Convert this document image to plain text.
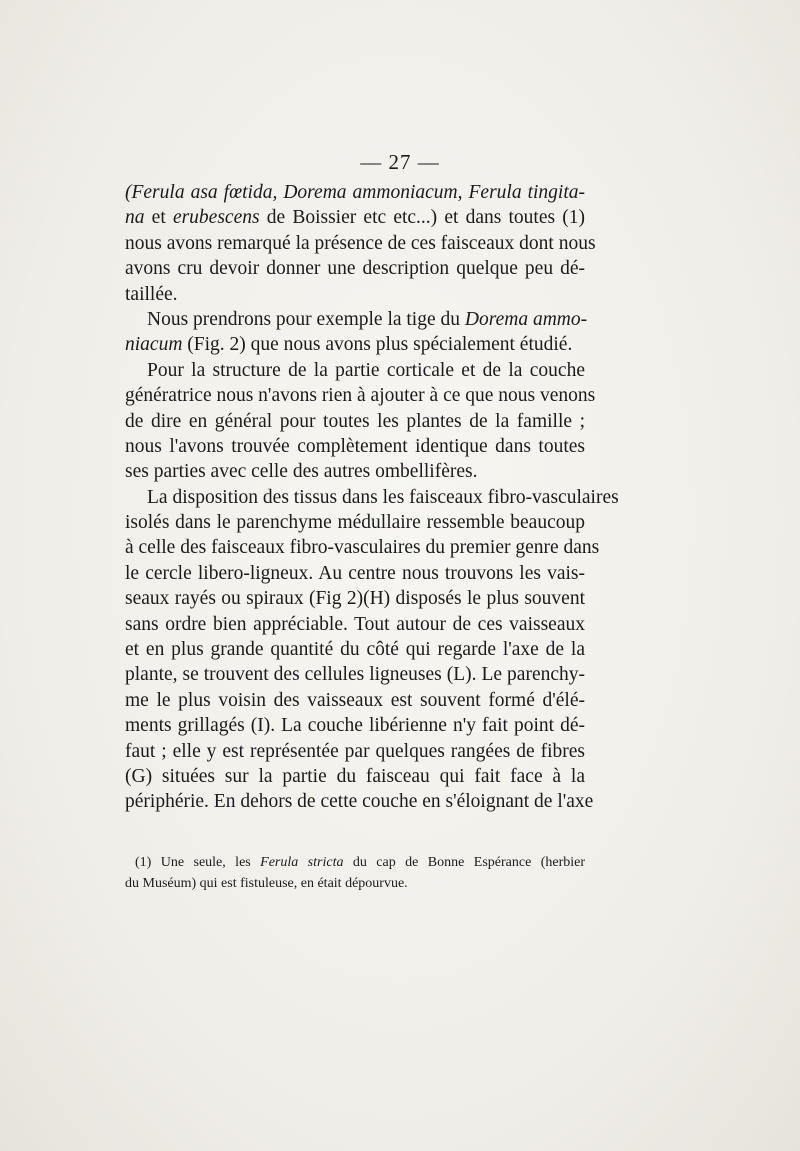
— 27 —
(Ferula asa fœtida, Dorema ammoniacum, Ferula tingita-
na et erubescens de Boissier etc etc...) et dans toutes (1)
nous avons remarqué la présence de ces faisceaux dont nous
avons cru devoir donner une description quelque peu dé-
taillée.
Nous prendrons pour exemple la tige du Dorema ammo-
niacum (Fig. 2) que nous avons plus spécialement étudié.
Pour la structure de la partie corticale et de la couche
génératrice nous n'avons rien à ajouter à ce que nous venons
de dire en général pour toutes les plantes de la famille ;
nous l'avons trouvée complètement identique dans toutes
ses parties avec celle des autres ombellifères.
La disposition des tissus dans les faisceaux fibro-vasculaires
isolés dans le parenchyme médullaire ressemble beaucoup
à celle des faisceaux fibro-vasculaires du premier genre dans
le cercle libero-ligneux. Au centre nous trouvons les vais-
seaux rayés ou spiraux (Fig 2)(H) disposés le plus souvent
sans ordre bien appréciable. Tout autour de ces vaisseaux
et en plus grande quantité du côté qui regarde l'axe de la
plante, se trouvent des cellules ligneuses (L). Le parenchy-
me le plus voisin des vaisseaux est souvent formé d'élé-
ments grillagés (I). La couche libérienne n'y fait point dé-
faut ; elle y est représentée par quelques rangées de fibres
(G) situées sur la partie du faisceau qui fait face à la
périphérie. En dehors de cette couche en s'éloignant de l'axe
(1) Une seule, les Ferula stricta du cap de Bonne Espérance (herbier
du Muséum) qui est fistuleuse, en était dépourvue.
